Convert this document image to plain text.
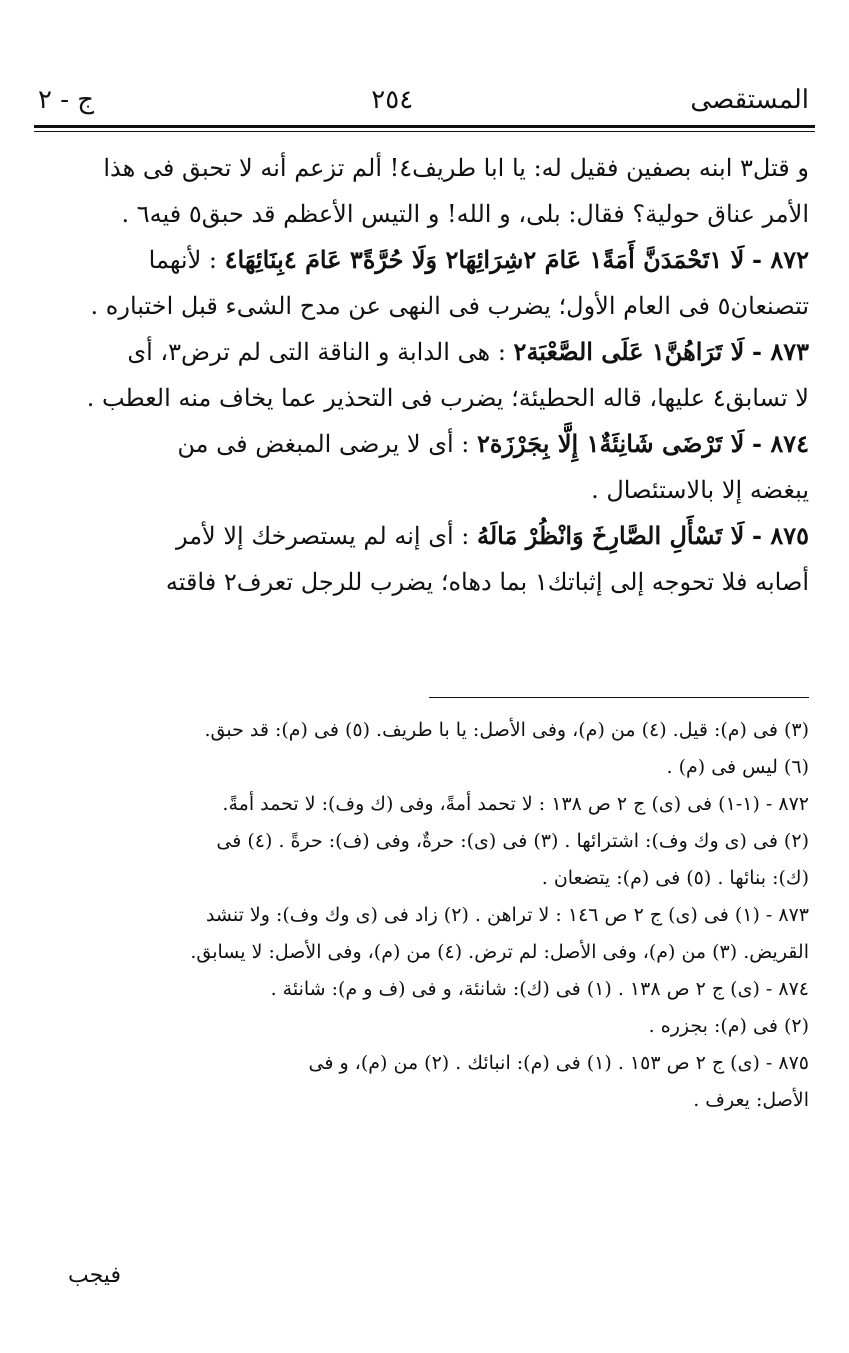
المستقصى
٢٥٤
ج - ٢
و قتل٣ ابنه بصفين فقيل له: يا ابا طريف٤! ألم تزعم أنه لا تحبق فى هذا
الأمر عناق حولية؟ فقال: بلى، و الله! و التيس الأعظم قد حبق٥ فيه٦ .
٨٧٢ - لَا ١تَحْمَدَنَّ أَمَةً١ عَامَ ٢شِرَائِهَا٢ وَلَا حُرَّةً٣ عَامَ ٤بِنَائِهَا٤ : لأنهما
تتصنعان٥ فى العام الأول؛ يضرب فى النهى عن مدح الشىء قبل اختباره .
٨٧٣ - لَا تَرَاهُنَّ١ عَلَى الصَّعْبَة٢ : هى الدابة و الناقة التى لم ترض٣، أى
لا تسابق٤ عليها، قاله الحطيئة؛ يضرب فى التحذير عما يخاف منه العطب .
٨٧٤ - لَا تَرْضَى شَانِئَةٌ١ إِلَّا بِجَرْزَة٢ : أى لا يرضى المبغض فى من
يبغضه إلا بالاستئصال .
٨٧٥ - لَا تَسْأَلِ الصَّارِخَ وَانْظُرْ مَالَهُ : أى إنه لم يستصرخك إلا لأمر
أصابه فلا تحوجه إلى إثباتك١ بما دهاه؛ يضرب للرجل تعرف٢ فاقته
(٣) فى (م): قيل. (٤) من (م)، وفى الأصل: يا با طريف. (٥) فى (م): قد حبق.
(٦) ليس فى (م) .
٨٧٢ - (١-١) فى (ى) ج ٢ ص ١٣٨ : لا تحمد أمةً، وفى (ك وف): لا تحمد أمةً.
(٢) فى (ى وك وف): اشترائها . (٣) فى (ى): حرةٌ، وفى (ف): حرةً . (٤) فى
(ك): بنائها . (٥) فى (م): يتضعان .
٨٧٣ - (١) فى (ى) ج ٢ ص ١٤٦ : لا تراهن . (٢) زاد فى (ى وك وف): ولا تنشد
القريض. (٣) من (م)، وفى الأصل: لم ترض. (٤) من (م)، وفى الأصل: لا يسابق.
٨٧٤ - (ى) ج ٢ ص ١٣٨ . (١) فى (ك): شانئة، و فى (ف و م): شانئة .
(٢) فى (م): بجزره .
٨٧٥ - (ى) ج ٢ ص ١٥٣ . (١) فى (م): انبائك . (٢) من (م)، و فى
الأصل: يعرف .
فيجب
